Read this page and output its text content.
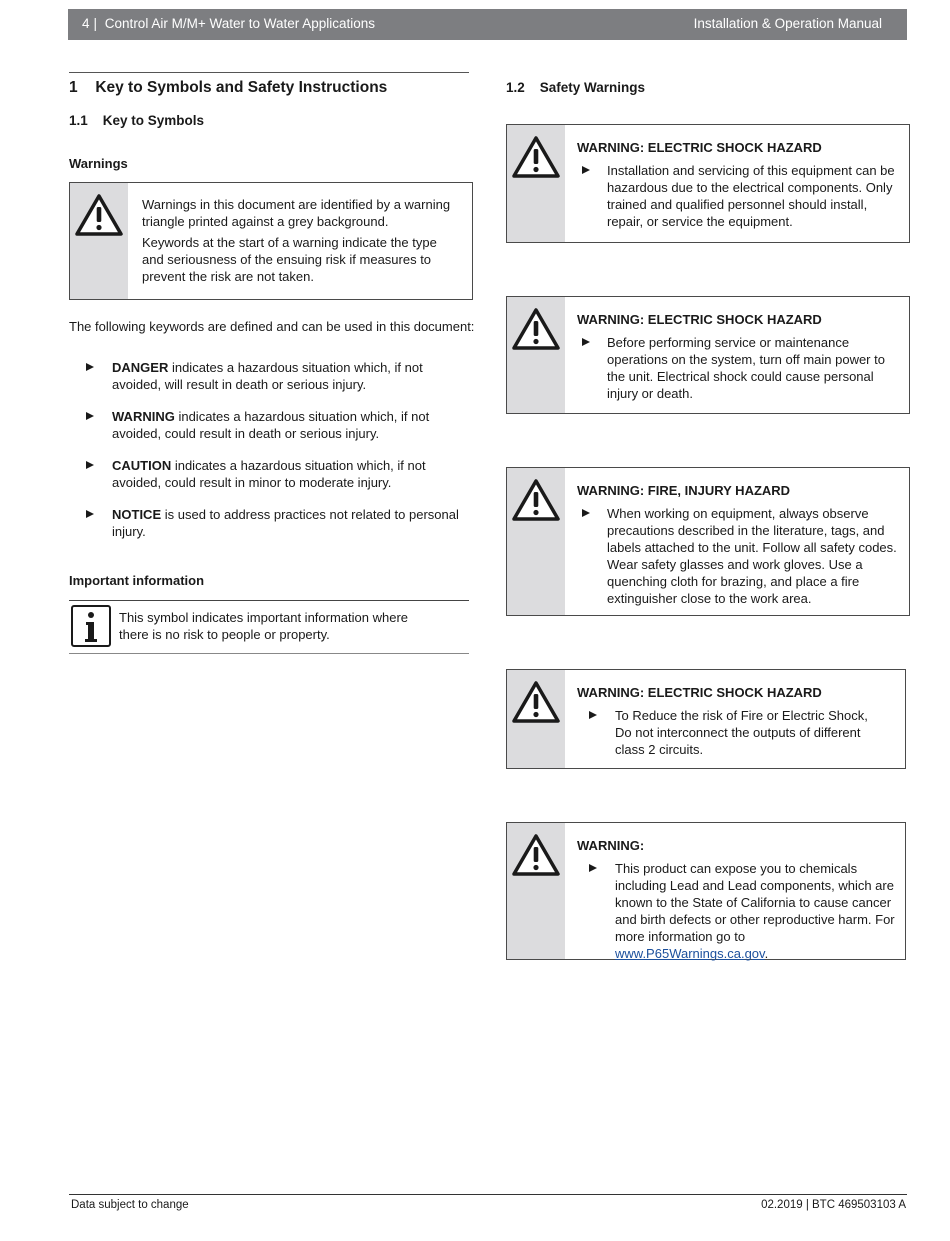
4 | Control Air M/M+ Water to Water Applications	Installation & Operation Manual
1 Key to Symbols and Safety Instructions
1.1 Key to Symbols
Warnings

Warnings in this document are identified by a warning triangle printed against a grey background.

Keywords at the start of a warning indicate the type and seriousness of the ensuing risk if measures to prevent the risk are not taken.

The following keywords are defined and can be used in this document:
DANGER indicates a hazardous situation which, if not avoided, will result in death or serious injury.
WARNING indicates a hazardous situation which, if not avoided, could result in death or serious injury.
CAUTION indicates a hazardous situation which, if not avoided, could result in minor to moderate injury.
NOTICE is used to address practices not related to personal injury.
Important information
This symbol indicates important information where there is no risk to people or property.
1.2 Safety Warnings
WARNING: ELECTRIC SHOCK HAZARD
Installation and servicing of this equipment can be hazardous due to the electrical components. Only trained and qualified personnel should install, repair, or service the equipment.
WARNING: ELECTRIC SHOCK HAZARD
Before performing service or maintenance operations on the system, turn off main power to the unit. Electrical shock could cause personal injury or death.
WARNING: FIRE, INJURY HAZARD
When working on equipment, always observe precautions described in the literature, tags, and labels attached to the unit. Follow all safety codes. Wear safety glasses and work gloves. Use a quenching cloth for brazing, and place a fire extinguisher close to the work area.
WARNING: ELECTRIC SHOCK HAZARD
To Reduce the risk of Fire or Electric Shock, Do not interconnect the outputs of different class 2 circuits.
WARNING:
This product can expose you to chemicals including Lead and Lead components, which are known to the State of California to cause cancer and birth defects or other reproductive harm. For more information go to www.P65Warnings.ca.gov.
Data subject to change	02.2019 | BTC 469503103 A
